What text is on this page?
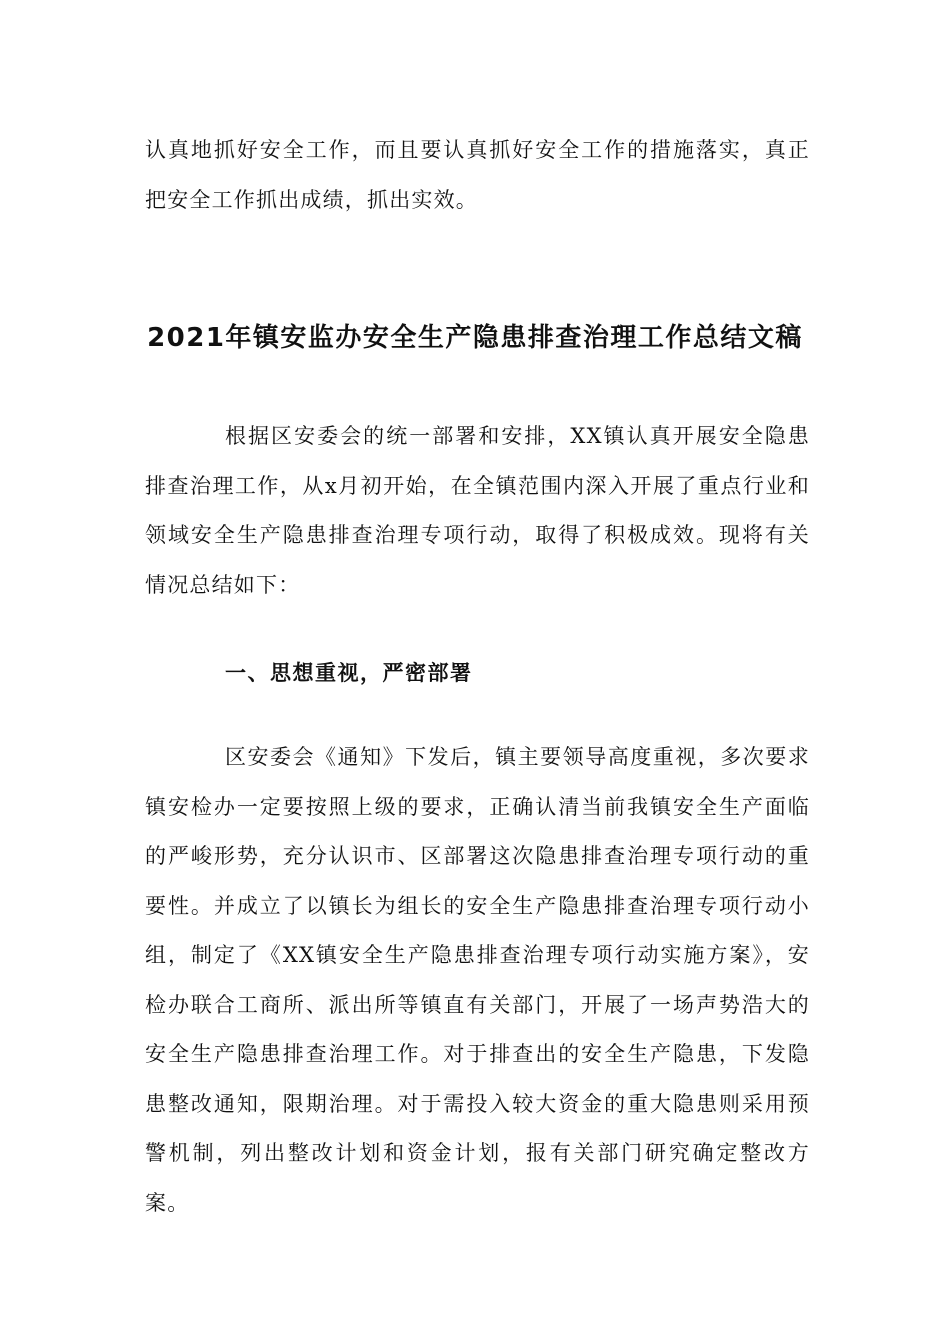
认真地抓好安全工作，而且要认真抓好安全工作的措施落实，真正把安全工作抓出成绩，抓出实效。

2021年镇安监办安全生产隐患排查治理工作总结文稿

根据区安委会的统一部署和安排，XX镇认真开展安全隐患排查治理工作，从x月初开始，在全镇范围内深入开展了重点行业和领域安全生产隐患排查治理专项行动，取得了积极成效。现将有关情况总结如下：

一、思想重视，严密部署

区安委会《通知》下发后，镇主要领导高度重视，多次要求镇安检办一定要按照上级的要求，正确认清当前我镇安全生产面临的严峻形势，充分认识市、区部署这次隐患排查治理专项行动的重要性。并成立了以镇长为组长的安全生产隐患排查治理专项行动小组，制定了《XX镇安全生产隐患排查治理专项行动实施方案》，安检办联合工商所、派出所等镇直有关部门，开展了一场声势浩大的安全生产隐患排查治理工作。对于排查出的安全生产隐患，下发隐患整改通知，限期治理。对于需投入较大资金的重大隐患则采用预警机制，列出整改计划和资金计划，报有关部门研究确定整改方案。
